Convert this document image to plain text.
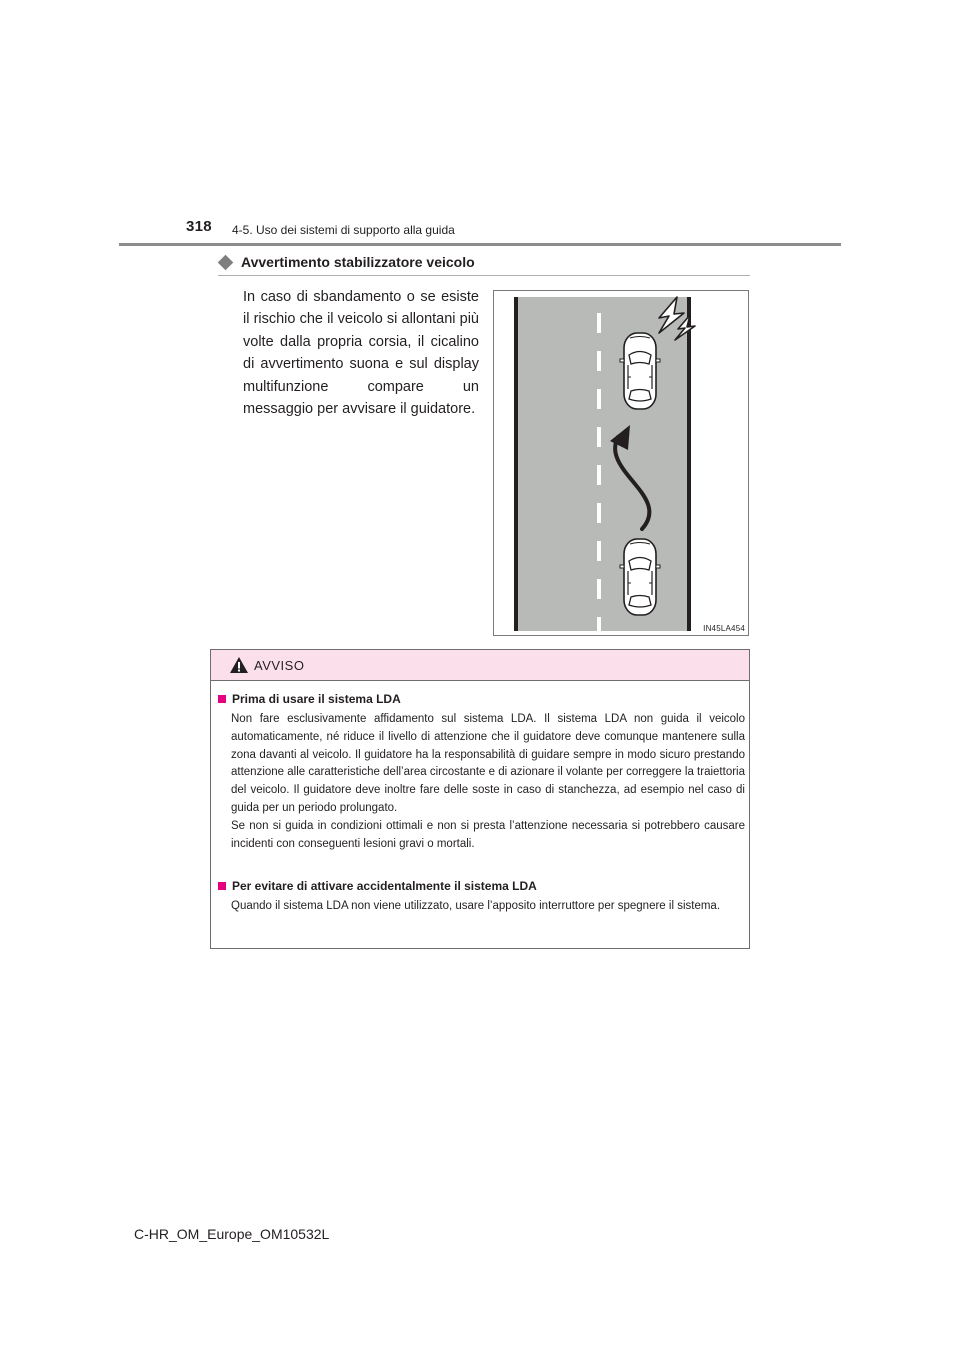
318 4-5. Uso dei sistemi di supporto alla guida
Avvertimento stabilizzatore veicolo

In caso di sbandamento o se esiste il rischio che il veicolo si allontani più volte dalla propria corsia, il cicalino di avvertimento suona e sul display multifunzione compare un messaggio per avvisare il guidatore.

IN45LA454
AVVISO
Prima di usare il sistema LDA
Non fare esclusivamente affidamento sul sistema LDA. Il sistema LDA non guida il veicolo automaticamente, né riduce il livello di attenzione che il guidatore deve comunque mantenere sulla zona davanti al veicolo. Il guidatore ha la responsabilità di guidare sempre in modo sicuro prestando attenzione alle caratteristiche dell’area circostante e di azionare il volante per correggere la traiettoria del veicolo. Il guidatore deve inoltre fare delle soste in caso di stanchezza, ad esempio nel caso di guida per un periodo prolungato.
Se non si guida in condizioni ottimali e non si presta l’attenzione necessaria si potrebbero causare incidenti con conseguenti lesioni gravi o mortali.
Per evitare di attivare accidentalmente il sistema LDA
Quando il sistema LDA non viene utilizzato, usare l’apposito interruttore per spegnere il sistema.
C-HR_OM_Europe_OM10532L
